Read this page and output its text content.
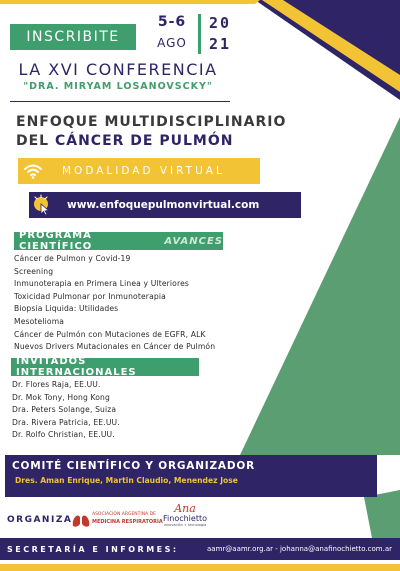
INSCRIBITE
5-6
AGO
20
21
LA XVI CONFERENCIA
"DRA. MIRYAM LOSANOVSCKY"
ENFOQUE MULTIDISCIPLINARIO
DEL CÁNCER DE PULMÓN
MODALIDAD VIRTUAL
www.enfoquepulmonvirtual.com
PROGRAMA CIENTÍFICO	AVANCES
Cáncer de Pulmon y Covid-19
Screening
Inmunoterapia en Primera Linea y Ulteriores
Toxicidad Pulmonar por Inmunoterapia
Biopsia Liquida: Utilidades
Mesotelioma
Cáncer de Pulmón con Mutaciones de EGFR, ALK
Nuevos Drivers Mutacionales en Cáncer de Pulmón
INVITADOS INTERNACIONALES
Dr. Flores Raja, EE.UU.
Dr. Mok Tony, Hong Kong
Dra. Peters Solange, Suiza
Dra. Rivera Patricia, EE.UU.
Dr. Rolfo Christian, EE.UU.
COMITÉ CIENTÍFICO Y ORGANIZADOR
Dres. Aman Enrique, Martin Claudio, Menendez Jose
ORGANIZA
ASOCIACION ARGENTINA DE
MEDICINA RESPIRATORIA
Ana
Finochietto
innovación + tecnología
SECRETARÍA E INFORMES:	aamr@aamr.org.ar - johanna@anafinochietto.com.ar
